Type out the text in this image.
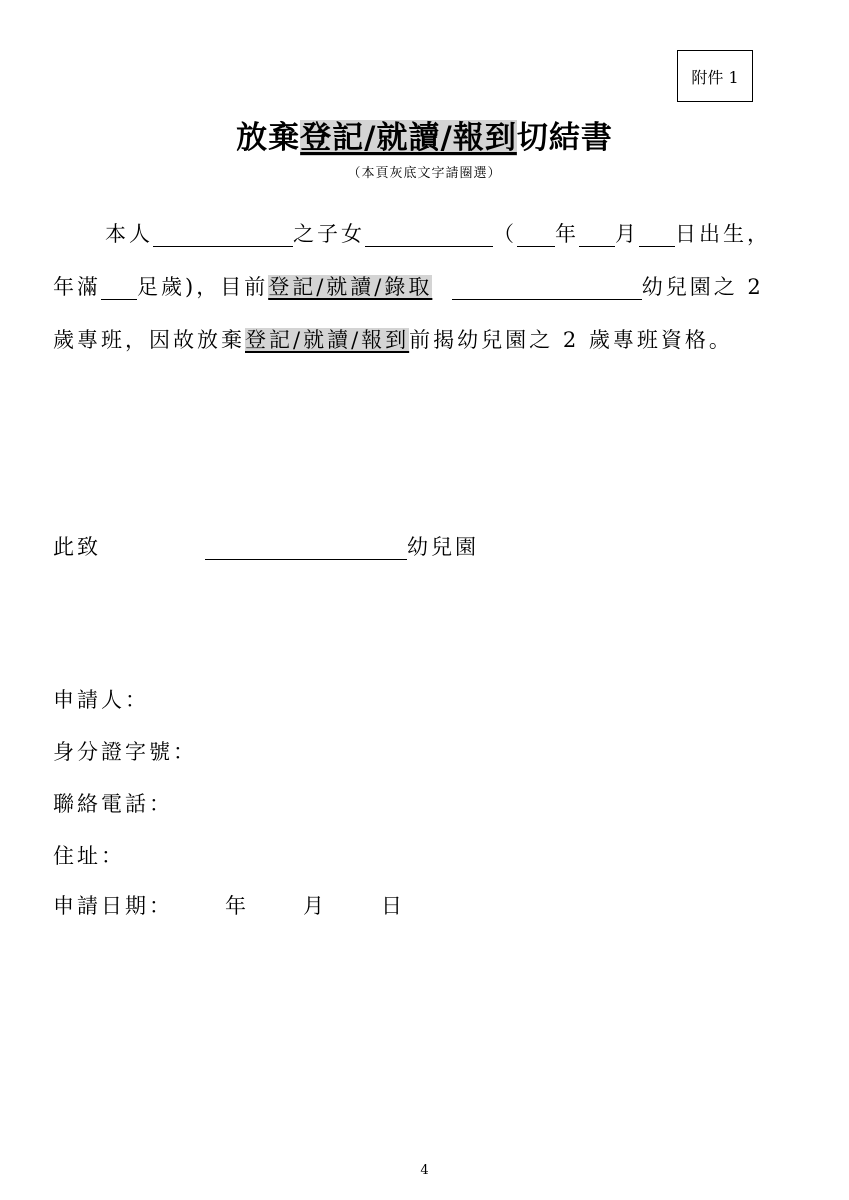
附件 1
放棄登記/就讀/報到切結書
（本頁灰底文字請圈選）
本人	之子女	（ 年 月 日出生，
年滿 足歲)，目前登記/就讀/錄取	幼兒園之 2
歲專班，因故放棄登記/就讀/報到前揭幼兒園之 2 歲專班資格。
此致	幼兒園
申請人：
身分證字號：
聯絡電話：
住址：
申請日期： 年	月	日
4
